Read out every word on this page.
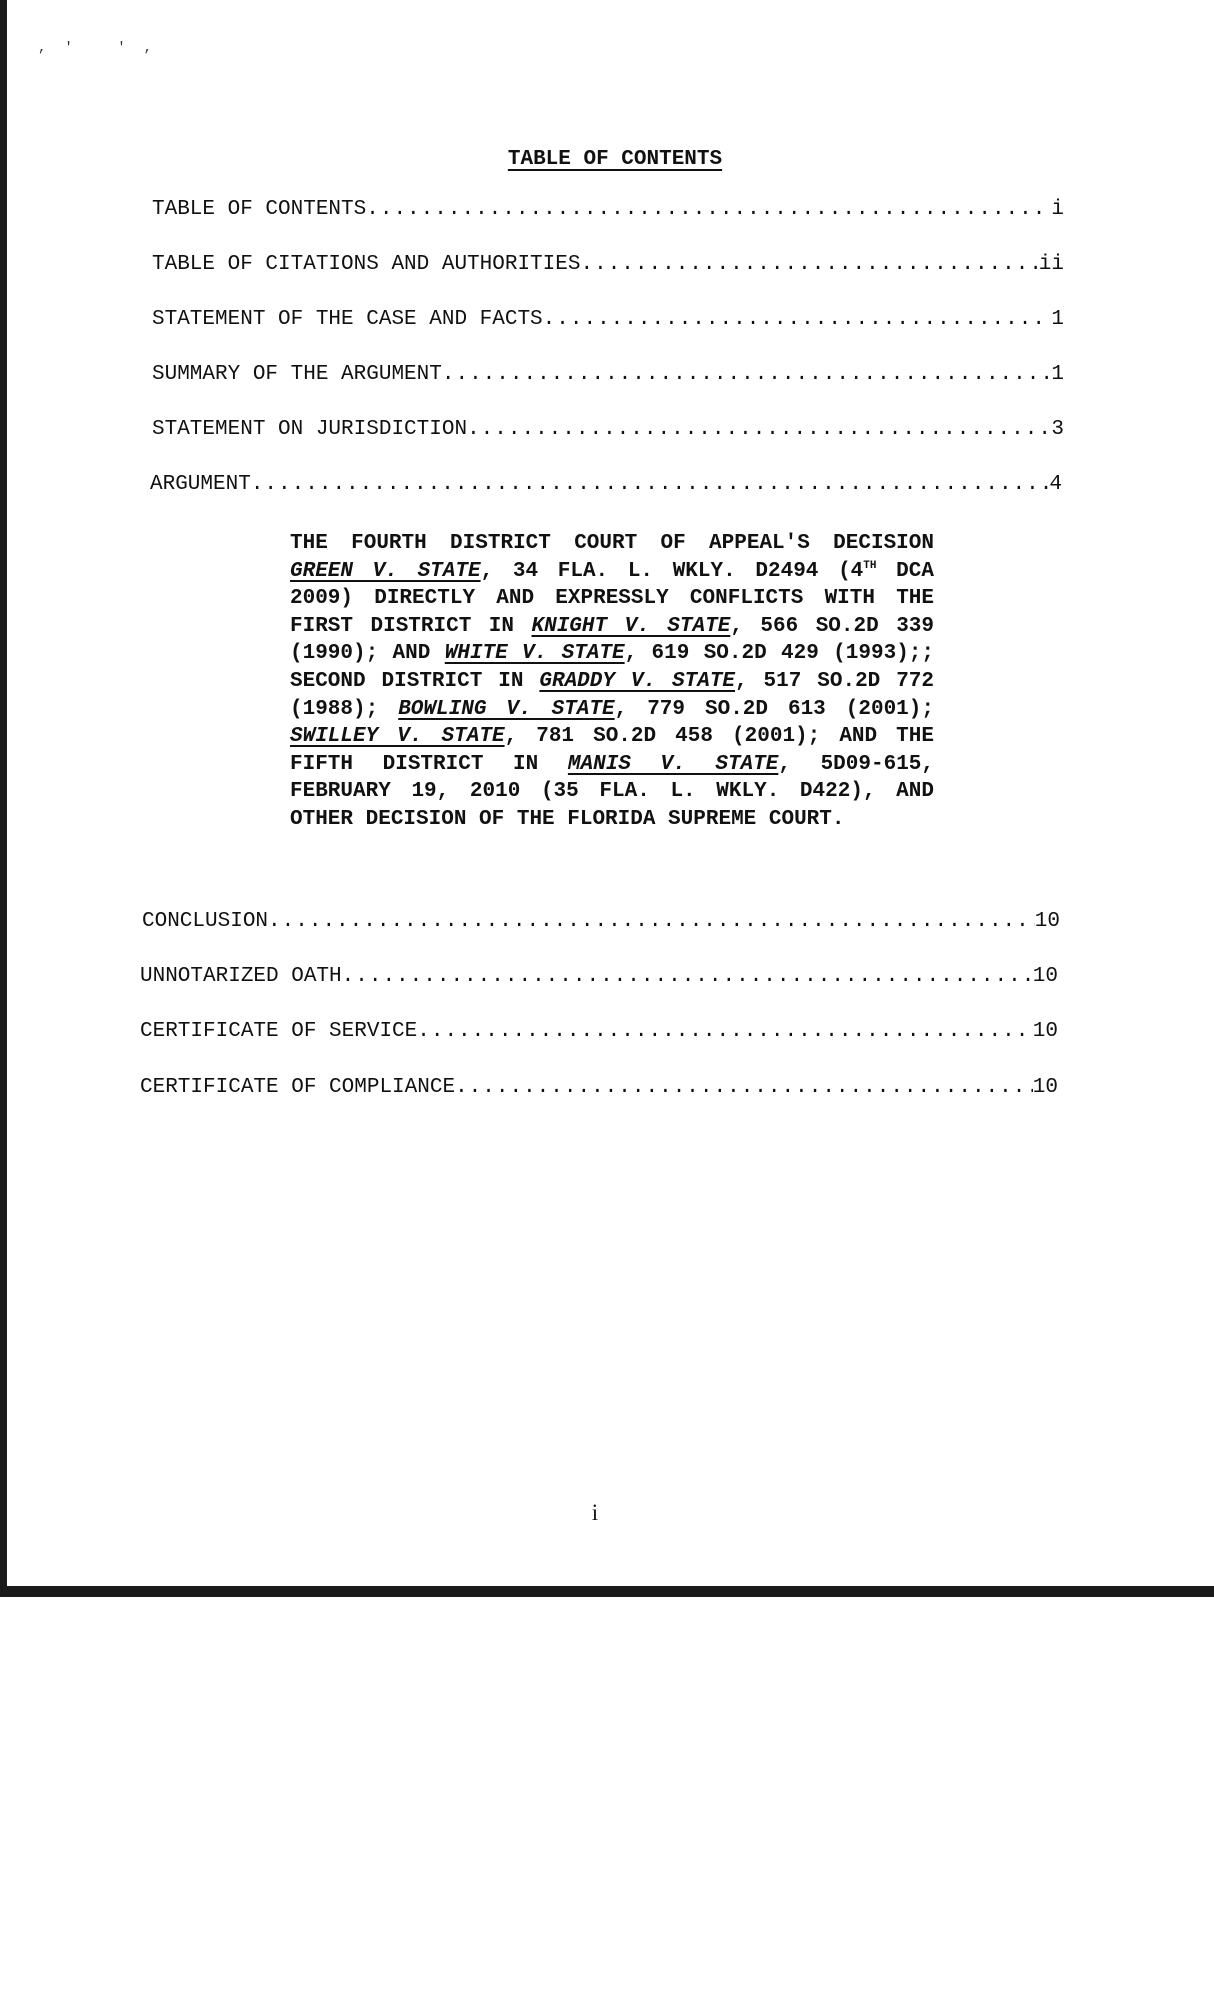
,' ',
TABLE OF CONTENTS
TABLE OF CONTENTS .....	i
TABLE OF CITATIONS AND AUTHORITIES .....	ii
STATEMENT OF THE CASE AND FACTS .....	1
SUMMARY OF THE ARGUMENT .....	1
STATEMENT ON JURISDICTION .....	3
ARGUMENT .....	4
THE FOURTH DISTRICT COURT OF APPEAL'S DECISION GREEN V. STATE, 34 FLA. L. WKLY. D2494 (4TH DCA 2009) DIRECTLY AND EXPRESSLY CONFLICTS WITH THE FIRST DISTRICT IN KNIGHT V. STATE, 566 SO.2D 339 (1990); AND WHITE V. STATE, 619 SO.2D 429 (1993);; SECOND DISTRICT IN GRADDY V. STATE, 517 SO.2D 772 (1988); BOWLING V. STATE, 779 SO.2D 613 (2001); SWILLEY V. STATE, 781 SO.2D 458 (2001); AND THE FIFTH DISTRICT IN MANIS V. STATE, 5D09-615, FEBRUARY 19, 2010 (35 FLA. L. WKLY. D422), AND OTHER DECISION OF THE FLORIDA SUPREME COURT.
CONCLUSION .....	10
UNNOTARIZED OATH .....	10
CERTIFICATE OF SERVICE .....	10
CERTIFICATE OF COMPLIANCE .....	10
i
